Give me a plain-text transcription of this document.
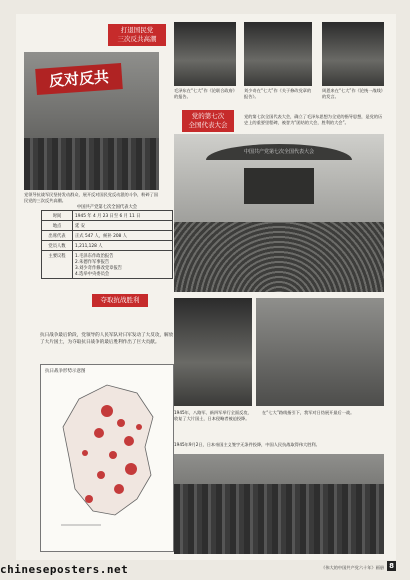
打退国民党
三次反共高潮
反对反共
党领导抗战军民坚持发动群众，展开反对国民党反动派的斗争，粉碎了国民党的三次反共高潮。
中国共产党第七次全国代表大会
时间	1945 年 4 月 23 日至 6 月 11 日
地点	延 安
出席代表	正式 547 人，候补 208 人
党员人数	1,211,128 人
主要议程	1.毛泽东作政治报告
2.朱德作军事报告
3.刘少奇作修改党章报告
4.选举中央委员会
毛泽东在“七大”作《论联合政府》的报告。
刘少奇在“七大”作《关于修改党章的报告》。
周恩来在“七大”作《论统一战线》的发言。
党的第七次
全国代表大会
党的第七次全国代表大会，确立了毛泽东思想为全党的指导思想，是党的历史上的重要里程碑，被誉为“团结的大会，胜利的大会”。
中国共产党第七次全国代表大会
夺取抗战胜利
抗日战争最后阶段，党领导的人民军队对日军发动了大反攻，解放了大片国土，为夺取抗日战争的最后胜利作出了巨大贡献。
抗日战争形势示意图
1945年，八路军、新四军举行全面反攻，收复了大片国土，日本侵略者被迫投降。
在“七大”路线指引下，我军对日伪展开最后一战。
1945年9月2日，日本帝国主义签字无条件投降，中国人民抗战取得伟大胜利。
chineseposters.net	《伟大的中国共产党六十年》画册 8
